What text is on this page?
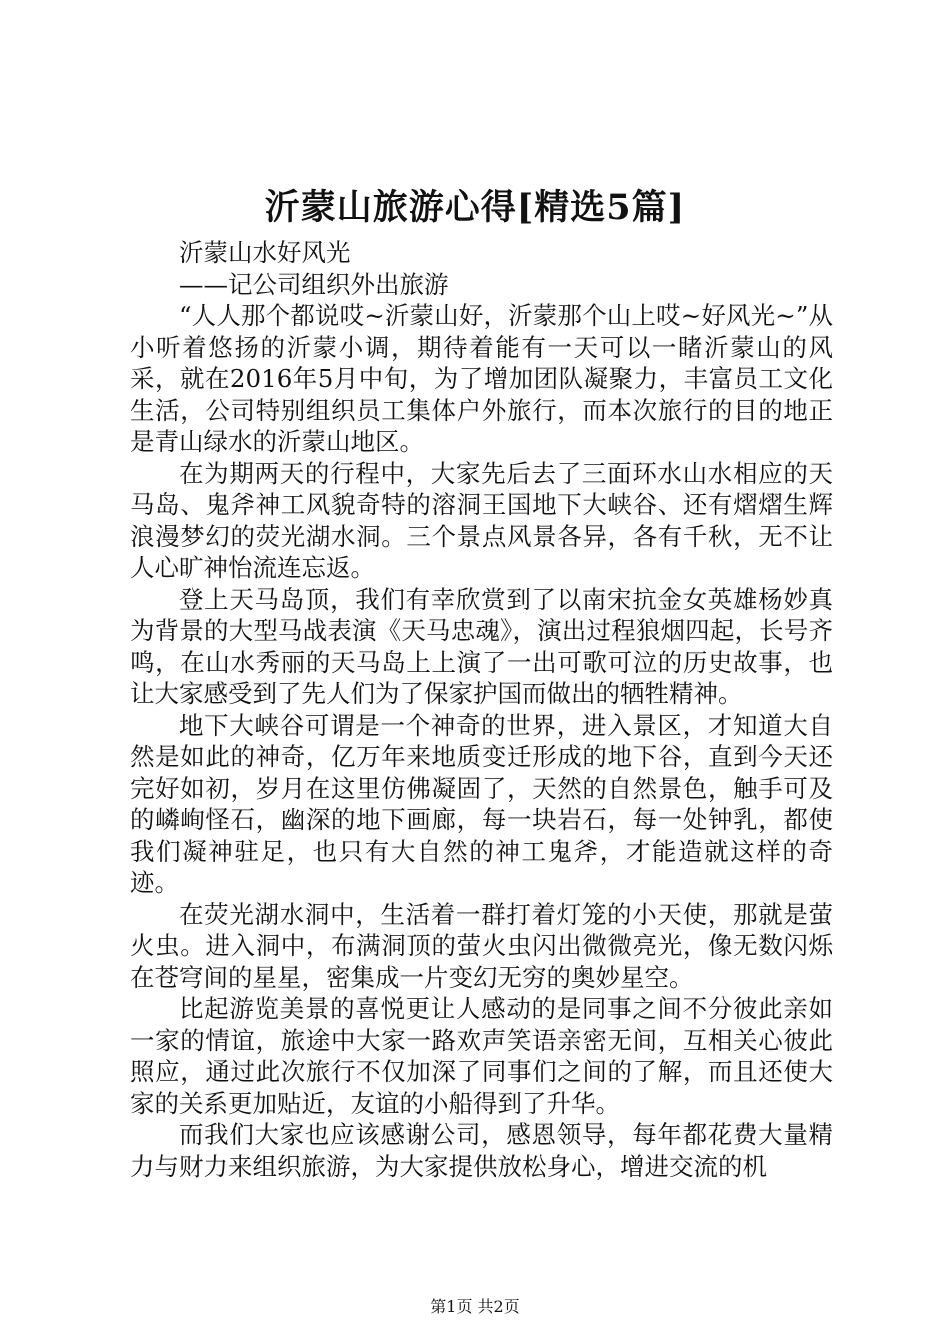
沂蒙山旅游心得[精选5篇]

沂蒙山水好风光

——记公司组织外出旅游

“人人那个都说哎~沂蒙山好，沂蒙那个山上哎~好风光~”从小听着悠扬的沂蒙小调，期待着能有一天可以一睹沂蒙山的风采，就在2016年5月中旬，为了增加团队凝聚力，丰富员工文化生活，公司特别组织员工集体户外旅行，而本次旅行的目的地正是青山绿水的沂蒙山地区。

在为期两天的行程中，大家先后去了三面环水山水相应的天马岛、鬼斧神工风貌奇特的溶洞王国地下大峡谷、还有熠熠生辉浪漫梦幻的荧光湖水洞。三个景点风景各异，各有千秋，无不让人心旷神怡流连忘返。

登上天马岛顶，我们有幸欣赏到了以南宋抗金女英雄杨妙真为背景的大型马战表演《天马忠魂》，演出过程狼烟四起，长号齐鸣，在山水秀丽的天马岛上上演了一出可歌可泣的历史故事，也让大家感受到了先人们为了保家护国而做出的牺牲精神。

地下大峡谷可谓是一个神奇的世界，进入景区，才知道大自然是如此的神奇，亿万年来地质变迁形成的地下谷，直到今天还完好如初，岁月在这里仿佛凝固了，天然的自然景色，触手可及的嶙峋怪石，幽深的地下画廊，每一块岩石，每一处钟乳，都使我们凝神驻足，也只有大自然的神工鬼斧，才能造就这样的奇迹。

在荧光湖水洞中，生活着一群打着灯笼的小天使，那就是萤火虫。进入洞中，布满洞顶的萤火虫闪出微微亮光，像无数闪烁在苍穹间的星星，密集成一片变幻无穷的奥妙星空。

比起游览美景的喜悦更让人感动的是同事之间不分彼此亲如一家的情谊，旅途中大家一路欢声笑语亲密无间，互相关心彼此照应，通过此次旅行不仅加深了同事们之间的了解，而且还使大家的关系更加贴近，友谊的小船得到了升华。

而我们大家也应该感谢公司，感恩领导，每年都花费大量精力与财力来组织旅游，为大家提供放松身心，增进交流的机

第1页 共2页
